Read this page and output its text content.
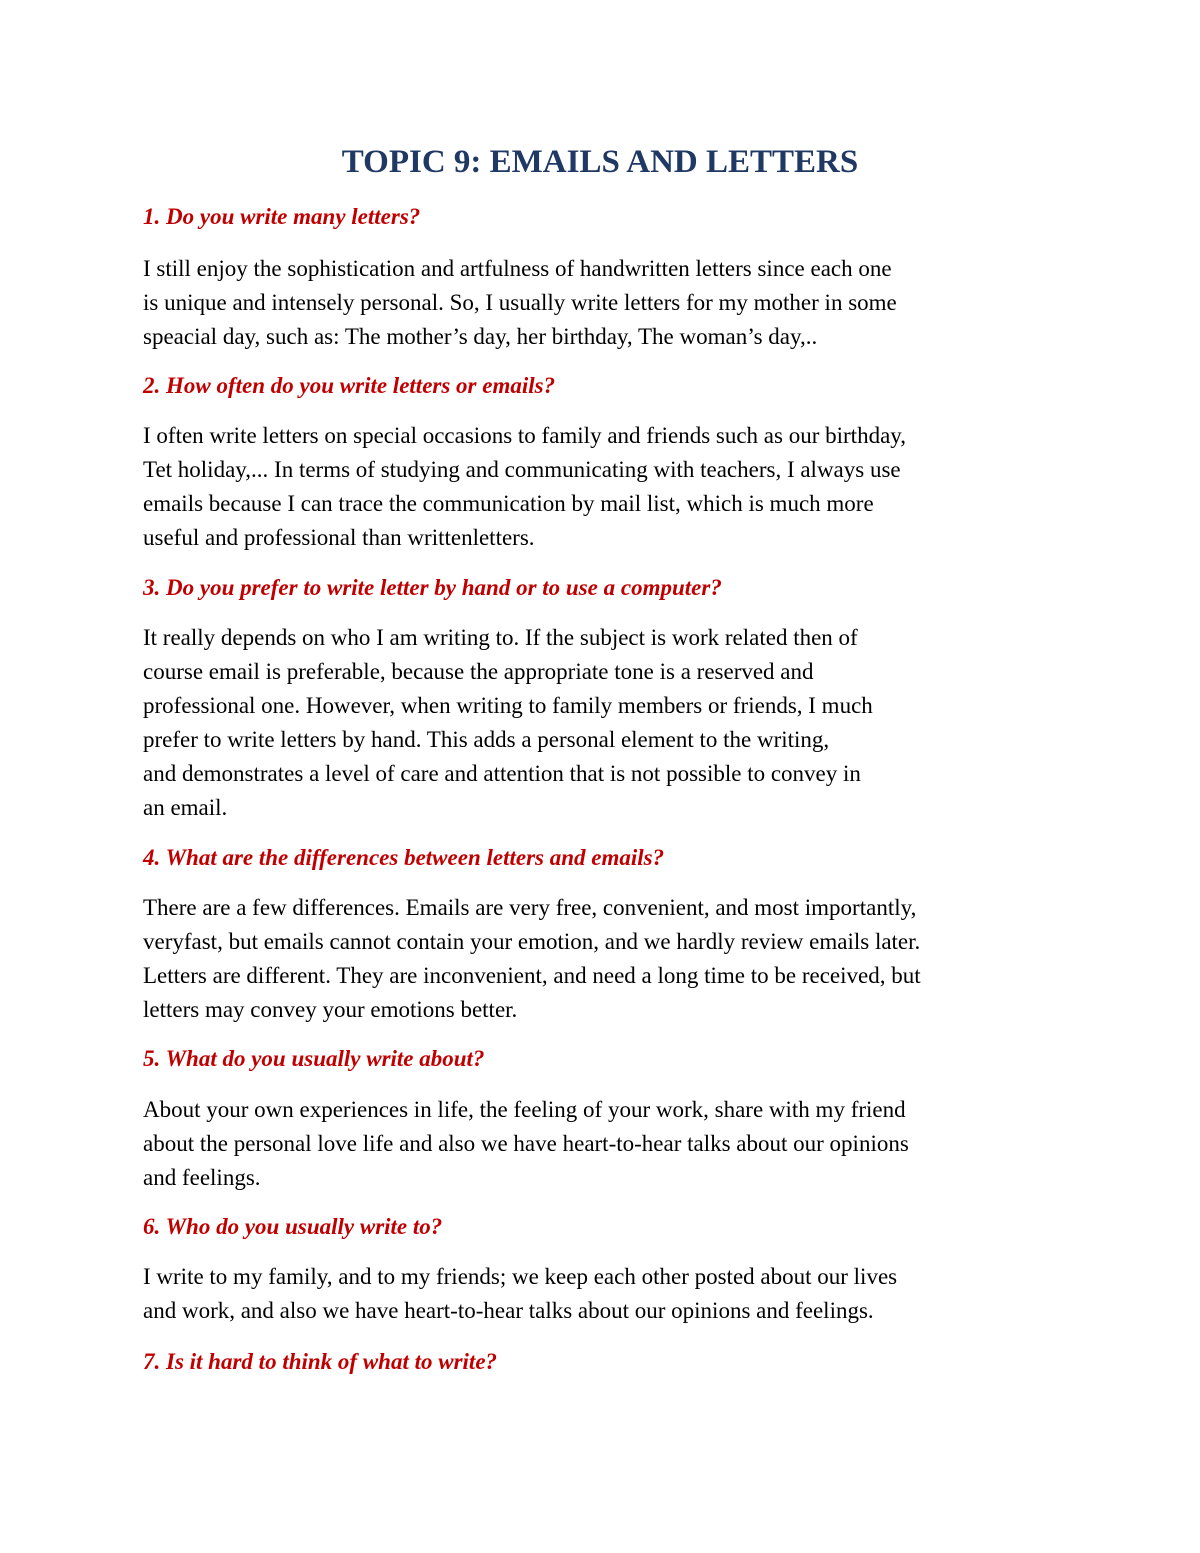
TOPIC 9: EMAILS AND LETTERS

1. Do you write many letters?

I still enjoy the sophistication and artfulness of handwritten letters since each one
is unique and intensely personal. So, I usually write letters for my mother in some
speacial day, such as: The mother’s day, her birthday, The woman’s day,..

2. How often do you write letters or emails?

I often write letters on special occasions to family and friends such as our birthday,
Tet holiday,... In terms of studying and communicating with teachers, I always use
emails because I can trace the communication by mail list, which is much more
useful and professional than writtenletters.

3. Do you prefer to write letter by hand or to use a computer?

It really depends on who I am writing to. If the subject is work related then of
course email is preferable, because the appropriate tone is a reserved and
professional one. However, when writing to family members or friends, I much
prefer to write letters by hand. This adds a personal element to the writing,
and demonstrates a level of care and attention that is not possible to convey in
an email.

4. What are the differences between letters and emails?

There are a few differences. Emails are very free, convenient, and most importantly,
veryfast, but emails cannot contain your emotion, and we hardly review emails later.
Letters are different. They are inconvenient, and need a long time to be received, but
letters may convey your emotions better.

5. What do you usually write about?

About your own experiences in life, the feeling of your work, share with my friend
about the personal love life and also we have heart-to-hear talks about our opinions
and feelings.

6. Who do you usually write to?

I write to my family, and to my friends; we keep each other posted about our lives
and work, and also we have heart-to-hear talks about our opinions and feelings.

7. Is it hard to think of what to write?
